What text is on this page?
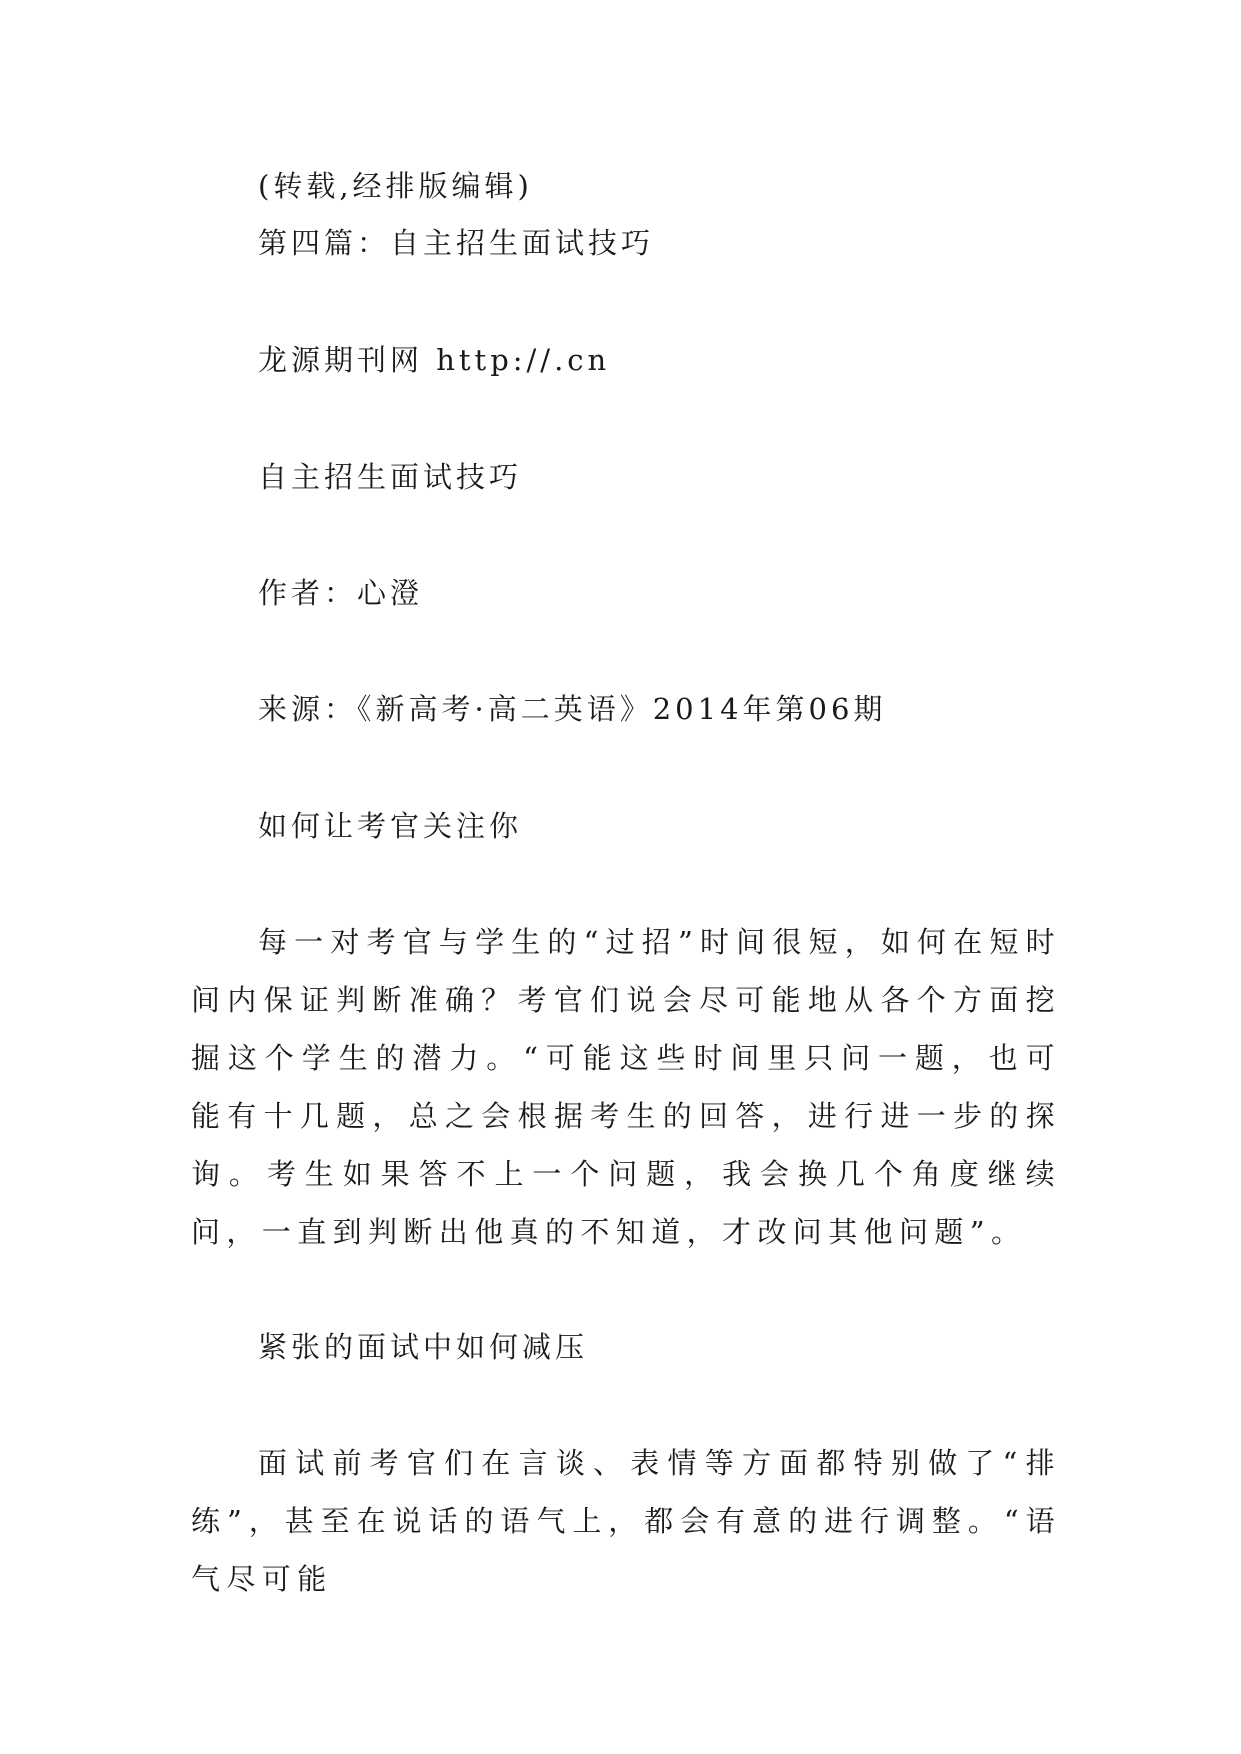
(转载,经排版编辑)

第四篇：自主招生面试技巧

龙源期刊网 http://.cn

自主招生面试技巧

作者：心澄

来源：《新高考·高二英语》2014年第06期

如何让考官关注你

每一对考官与学生的“过招”时间很短，如何在短时间内保证判断准确？考官们说会尽可能地从各个方面挖掘这个学生的潜力。“可能这些时间里只问一题，也可能有十几题，总之会根据考生的回答，进行进一步的探询。考生如果答不上一个问题，我会换几个角度继续问，一直到判断出他真的不知道，才改问其他问题”。

紧张的面试中如何减压

面试前考官们在言谈、表情等方面都特别做了“排练”，甚至在说话的语气上，都会有意的进行调整。“语气尽可能
